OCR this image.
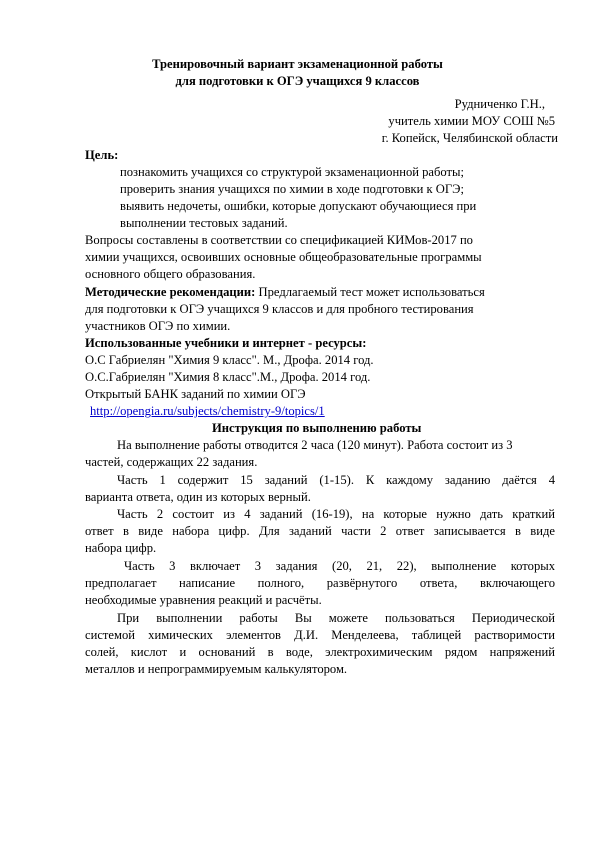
Тренировочный вариант экзаменационной работы
для подготовки к ОГЭ учащихся 9 классов
Рудниченко Г.Н.,
учитель химии МОУ СОШ №5
г. Копейск, Челябинской области
Цель:
познакомить учащихся со структурой экзаменационной работы;
проверить знания учащихся по химии в ходе подготовки к ОГЭ;
выявить недочеты, ошибки, которые допускают обучающиеся при
выполнении тестовых заданий.
Вопросы составлены в соответствии со спецификацией КИМов-2017 по
химии учащихся, освоивших основные общеобразовательные программы
основного общего образования.
Методические рекомендации: Предлагаемый тест может использоваться
для подготовки к ОГЭ учащихся 9 классов и для пробного тестирования
участников ОГЭ по химии.
Использованные учебники и интернет - ресурсы:
О.С Габриелян "Химия 9 класс". М., Дрофа. 2014 год.
О.С.Габриелян "Химия 8 класс".М., Дрофа. 2014 год.
Открытый БАНК заданий по химии ОГЭ
http://opengia.ru/subjects/chemistry-9/topics/1
Инструкция по выполнению работы
На выполнение работы отводится 2 часа (120 минут). Работа состоит из 3
частей, содержащих 22 задания.
Часть 1 содержит 15 заданий (1-15). К каждому заданию даётся 4
варианта ответа, один из которых верный.
Часть 2 состоит из 4 заданий (16-19), на которые нужно дать краткий
ответ в виде набора цифр. Для заданий части 2 ответ записывается в виде
набора цифр.
Часть 3 включает 3 задания (20, 21, 22), выполнение которых
предполагает написание полного, развёрнутого ответа, включающего
необходимые уравнения реакций и расчёты.
При выполнении работы Вы можете пользоваться Периодической
системой химических элементов Д.И. Менделеева, таблицей растворимости
солей, кислот и оснований в воде, электрохимическим рядом напряжений
металлов и непрограммируемым калькулятором.
